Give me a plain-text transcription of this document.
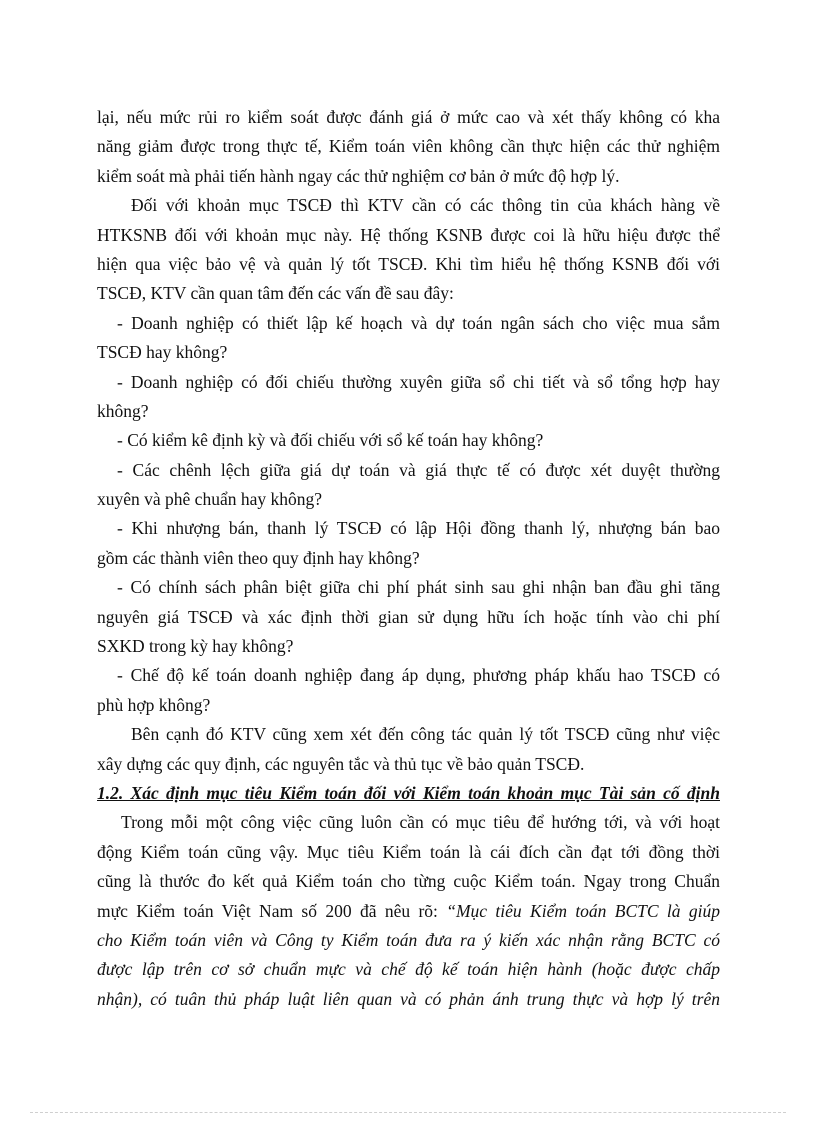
lại, nếu mức rủi ro kiểm soát được đánh giá ở mức cao và xét thấy không có kha
năng giảm được trong thực tế, Kiểm toán viên không cần thực hiện các thử nghiệm
kiểm soát mà phải tiến hành ngay các thử nghiệm cơ bản ở mức độ hợp lý.
Đối với khoản mục TSCĐ thì KTV cần có các thông tin của khách hàng về
HTKSNB đối với khoản mục này. Hệ thống KSNB được coi là hữu hiệu được thể
hiện qua việc bảo vệ và quản lý tốt TSCĐ. Khi tìm hiểu hệ thống KSNB đối với
TSCĐ, KTV cần quan tâm đến các vấn đề sau đây:
- Doanh nghiệp có thiết lập kế hoạch và dự toán ngân sách cho việc mua sắm
TSCĐ hay không?
- Doanh nghiệp có đối chiếu thường xuyên giữa sổ chi tiết và sổ tổng hợp hay
không?
- Có kiểm kê định kỳ và đối chiếu với sổ kế toán hay không?
- Các chênh lệch giữa giá dự toán và giá thực tế có được xét duyệt thường
xuyên và phê chuẩn hay không?
- Khi nhượng bán, thanh lý TSCĐ có lập Hội đồng thanh lý, nhượng bán bao
gồm các thành viên theo quy định hay không?
- Có chính sách phân biệt giữa chi phí phát sinh sau ghi nhận ban đầu ghi tăng
nguyên giá TSCĐ và xác định thời gian sử dụng hữu ích hoặc tính vào chi phí
SXKD trong kỳ hay không?
- Chế độ kế toán doanh nghiệp đang áp dụng, phương pháp khấu hao TSCĐ có
phù hợp không?
Bên cạnh đó KTV cũng xem xét đến công tác quản lý tốt TSCĐ cũng như việc
xây dựng các quy định, các nguyên tắc và thủ tục về bảo quản TSCĐ.
1.2. Xác định mục tiêu Kiểm toán đối với Kiểm toán khoản mục Tài sản cố định
Trong mỗi một công việc cũng luôn cần có mục tiêu để hướng tới, và với hoạt
động Kiểm toán cũng vậy. Mục tiêu Kiểm toán là cái đích cần đạt tới đồng thời
cũng là thước đo kết quả Kiểm toán cho từng cuộc Kiểm toán. Ngay trong Chuẩn
mực Kiểm toán Việt Nam số 200 đã nêu rõ: “Mục tiêu Kiểm toán BCTC là giúp
cho Kiểm toán viên và Công ty Kiểm toán đưa ra ý kiến xác nhận rằng BCTC có
được lập trên cơ sở chuẩn mực và chế độ kế toán hiện hành (hoặc được chấp
nhận), có tuân thủ pháp luật liên quan và có phản ánh trung thực và hợp lý trên
